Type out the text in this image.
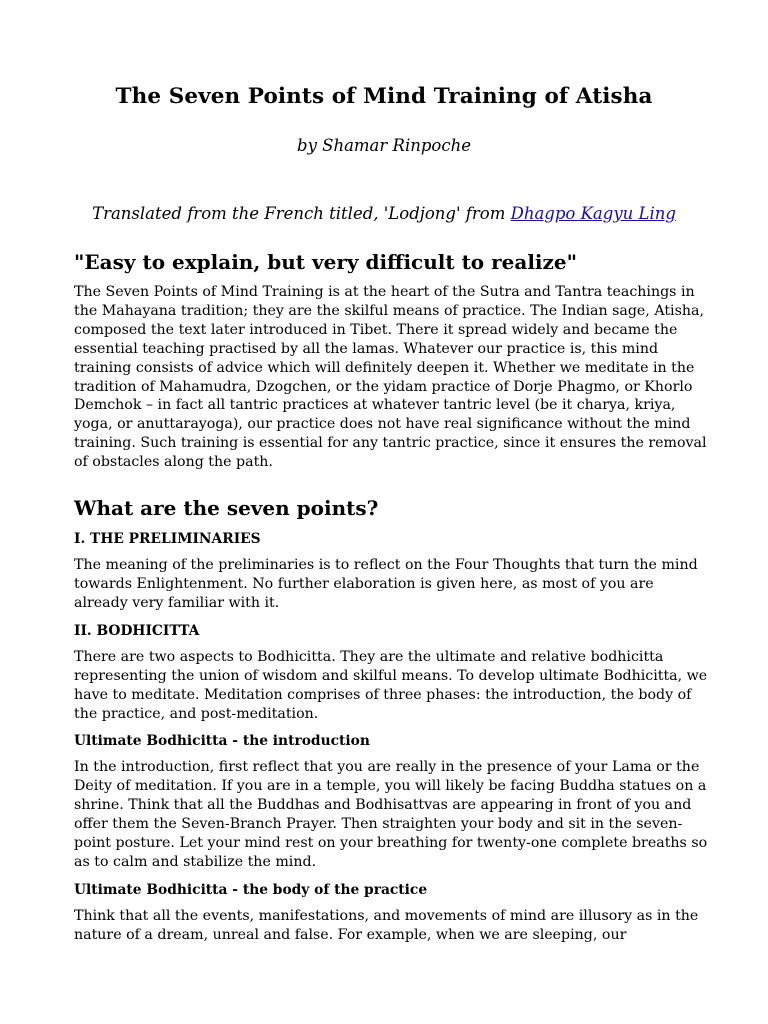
The Seven Points of Mind Training of Atisha
by Shamar Rinpoche
Translated from the French titled, 'Lodjong' from Dhagpo Kagyu Ling
"Easy to explain, but very difficult to realize"

The Seven Points of Mind Training is at the heart of the Sutra and Tantra teachings in the Mahayana tradition; they are the skilful means of practice. The Indian sage, Atisha, composed the text later introduced in Tibet. There it spread widely and became the essential teaching practised by all the lamas. Whatever our practice is, this mind training consists of advice which will definitely deepen it. Whether we meditate in the tradition of Mahamudra, Dzogchen, or the yidam practice of Dorje Phagmo, or Khorlo Demchok – in fact all tantric practices at whatever tantric level (be it charya, kriya, yoga, or anuttarayoga), our practice does not have real significance without the mind training. Such training is essential for any tantric practice, since it ensures the removal of obstacles along the path.

What are the seven points?
I. THE PRELIMINARIES

The meaning of the preliminaries is to reflect on the Four Thoughts that turn the mind towards Enlightenment. No further elaboration is given here, as most of you are already very familiar with it.

II. BODHICITTA

There are two aspects to Bodhicitta. They are the ultimate and relative bodhicitta representing the union of wisdom and skilful means. To develop ultimate Bodhicitta, we have to meditate. Meditation comprises of three phases: the introduction, the body of the practice, and post-meditation.

Ultimate Bodhicitta - the introduction

In the introduction, first reflect that you are really in the presence of your Lama or the Deity of meditation. If you are in a temple, you will likely be facing Buddha statues on a shrine. Think that all the Buddhas and Bodhisattvas are appearing in front of you and offer them the Seven-Branch Prayer. Then straighten your body and sit in the seven-point posture. Let your mind rest on your breathing for twenty-one complete breaths so as to calm and stabilize the mind.

Ultimate Bodhicitta - the body of the practice

Think that all the events, manifestations, and movements of mind are illusory as in the nature of a dream, unreal and false. For example, when we are sleeping, our
